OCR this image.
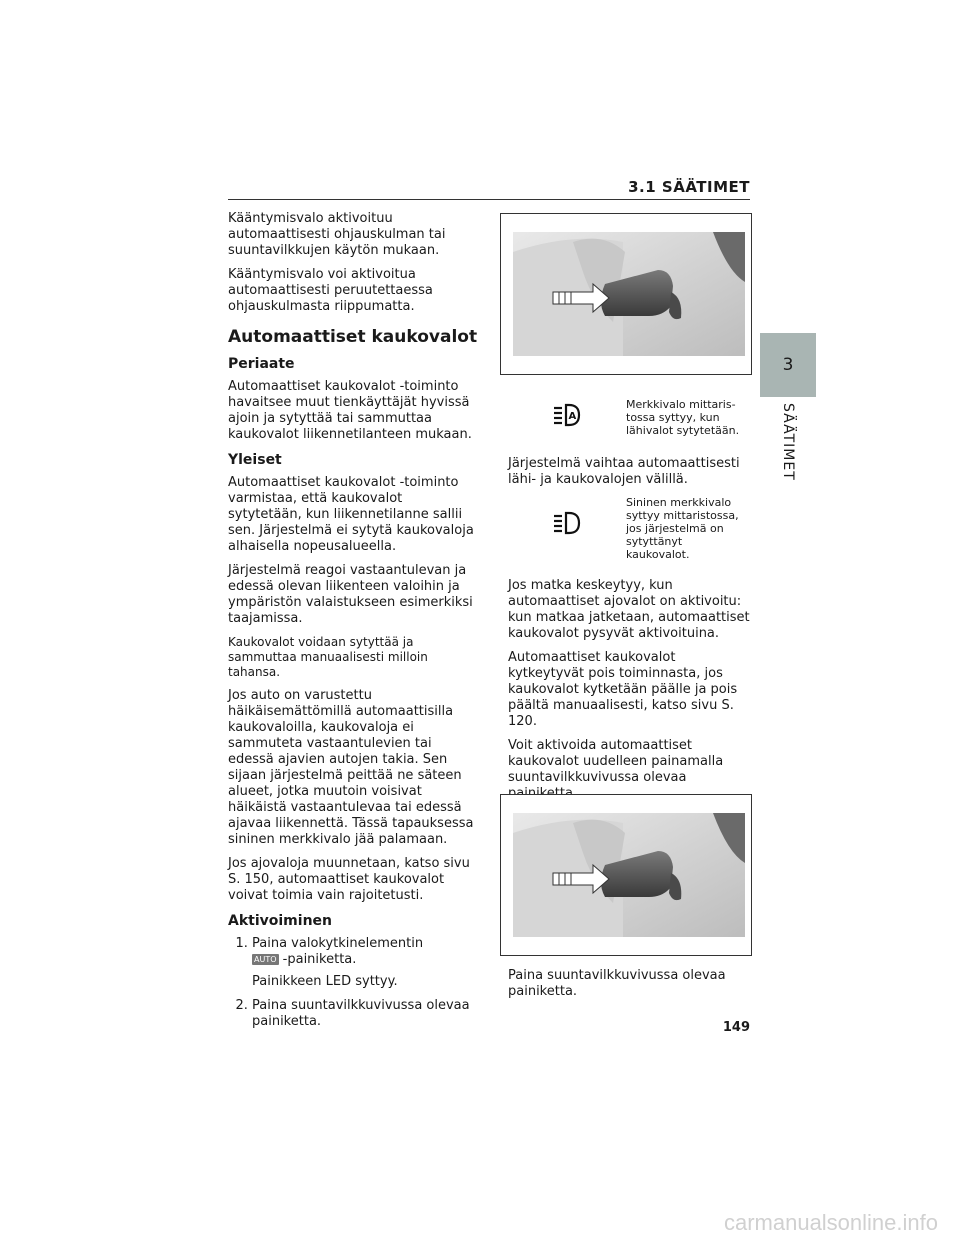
3.1 SÄÄTIMET
3
SÄÄTIMET

Kääntymisvalo aktivoituu automaattisesti ohjauskulman tai suuntavilkkujen käytön mukaan.

Kääntymisvalo voi aktivoitua automaattisesti peruutettaessa ohjauskulmasta riippumatta.

Automaattiset kaukovalot
Periaate

Automaattiset kaukovalot -toiminto havaitsee muut tienkäyttäjät hyvissä ajoin ja sytyttää tai sammuttaa kaukovalot liikennetilanteen mukaan.

Yleiset

Automaattiset kaukovalot -toiminto varmistaa, että kaukovalot sytytetään, kun liikennetilanne sallii sen. Järjestelmä ei sytytä kaukovaloja alhaisella nopeusalueella.

Järjestelmä reagoi vastaantulevan ja edessä olevan liikenteen valoihin ja ympäristön valaistukseen esimerkiksi taajamissa.

Kaukovalot voidaan sytyttää ja sammuttaa manuaalisesti milloin tahansa.

Jos auto on varustettu häikäisemättömillä automaattisilla kaukovaloilla, kaukovaloja ei sammuteta vastaantulevien tai edessä ajavien autojen takia. Sen sijaan järjestelmä peittää ne säteen alueet, jotka muutoin voisivat häikäistä vastaantulevaa tai edessä ajavaa liikennettä. Tässä tapauksessa sininen merkkivalo jää palamaan.

Jos ajovaloja muunnetaan, katso sivu S. 150, automaattiset kaukovalot voivat toimia vain rajoitetusti.

Aktivoiminen
1. Paina valokytkinelementin
AUTO -painiketta.
Painikkeen LED syttyy.
2. Paina suuntavilkkuvivussa olevaa painiketta.
A
Merkkivalo mittaristossa syttyy, kun lähivalot sytytetään.

Järjestelmä vaihtaa automaattisesti lähi- ja kaukovalojen välillä.

Sininen merkkivalo syttyy mittaristossa, jos järjestelmä on sytyttänyt kaukovalot.

Jos matka keskeytyy, kun automaattiset ajovalot on aktivoitu: kun matkaa jatketaan, automaattiset kaukovalot pysyvät aktivoituina.

Automaattiset kaukovalot kytkeytyvät pois toiminnasta, jos kaukovalot kytketään päälle ja pois päältä manuaalisesti, katso sivu S. 120.

Voit aktivoida automaattiset kaukovalot uudelleen painamalla suuntavilkkuvivussa olevaa

Paina suuntavilkkuvivussa olevaa painiketta.

149
carmanualsonline.info
